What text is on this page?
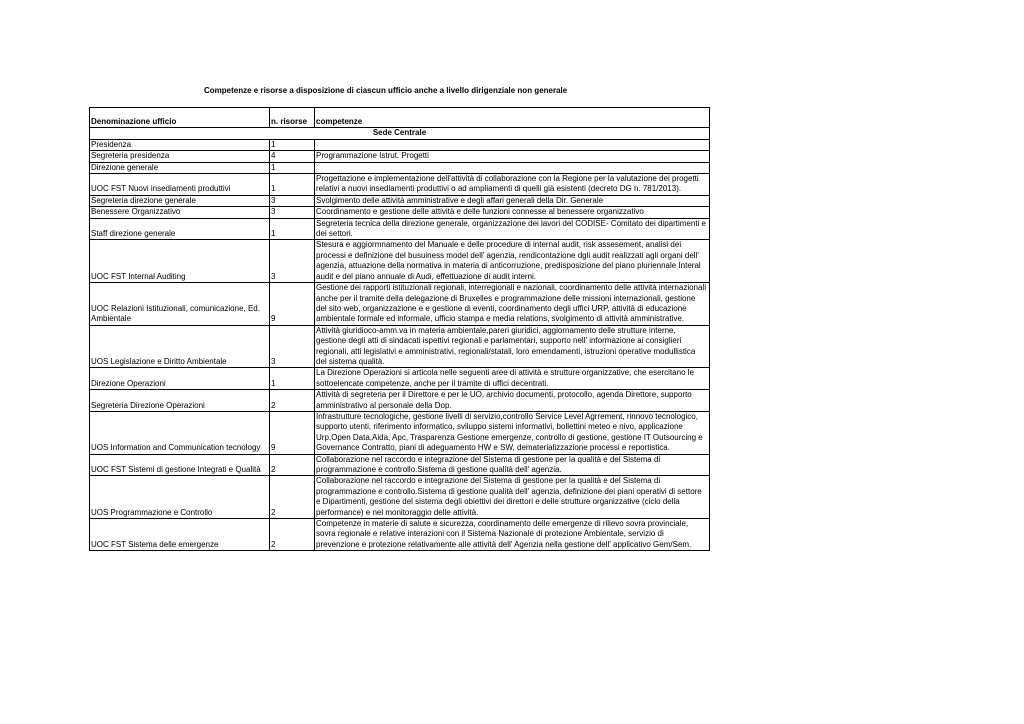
Competenze e risorse a disposizione di ciascun ufficio anche a livello dirigenziale non generale

Denominazione ufficio	n. risorse	competenze
Sede Centrale		
Presidenza	1	
Segreteria presidenza	4	Programmazione Istrut. Progetti
Direzione generale	1	
UOC FST Nuovi insediamenti produttivi	1	Progettazione e implementazione dell'attività di collaborazione con la Regione per la valutazione dei progetti relativi a nuovi insediamenti produttivi o ad ampliamenti di quelli già esistenti (decreto DG n. 781/2013).
Segreteria direzione generale	3	Svolgimento delle attività amministrative e degli affari generali della Dir. Generale
Benessere Organizzativo	3	Coordinamento e gestione delle attività e delle funzioni connesse al benessere organizzativo
Staff direzione generale	1	Segreteria tecnica della direzione generale, organizzazione dei lavori del CODISE- Comitato dei dipartimenti e dei settori.
UOC FST Internal Auditing	3	Stesura e aggiormnamento del Manuale e delle procedure di internal audit, risk assesement, analisi dei processi e definizione del busuiness model dell' agenzia, rendicontazione dgli audit realizzati agli organi dell' agenzia, attuazione della normativa in materia di anticorruzione, predisposizione del piano pluriennale Interal audit e del piano annuale di Audi, effettuazione di audit interni.
UOC Relazioni Istituzionali, comunicazione, Ed. Ambientale	9	Gestione dei rapporti istituzionali regionali, interregionali e nazionali, coordinamento delle attività internazionali anche per il tramite della delegazione di Bruxelles e programmazione delle missioni internazionali, gestione del sito web, organizzazione e e gestione di eventi, coordinamento degli uffici URP, attività di educazione ambientale formale ed informale, ufficio stampa e media relations, svolgimento di attività amministrative.
UOS Legislazione e Diritto Ambientale	3	Attività giuridioco-amm.va in materia ambientale,pareri giuridici, aggiornamento delle strutture interne, gestione degli atti di sindacati ispettivi regionali e parlamentari, supporto nell' informazione ai consiglieri regionali, atti legislativi e amministrativi, regionali/statali, loro emendamenti, istruzioni operative modullistica del sistema qualità.
Direzione Operazioni	1	La Direzione Operazioni si articola nelle seguenti aree di attività e strutture organizzative, che esercitano le sottoelencate competenze, anche per il tramite di uffici decentrati.
Segreteria Direzione Operazioni	2	Attività di segreteria per il Direttore e per le UO, archivio documenti, protocollo, agenda Direttore, supporto amministrativo al personale della Dop.
UOS Information and Communication tecnology	9	Infrastrutture tecnologiche, gestione livelli di servizio,controllo Service Level Agrrement, rinnovo tecnologico, supporto utenti, riferimento informatico, sviluppo sistemi informativi, bollettini meteo e nivo, applicazione Urp,Open Data,Aida, Apc, Trasparenza Gestione emergenze, controllo di gestione, gestione IT Outsourcing e Governance Contratto, piani di adeguamento HW e SW, dematerializzazione processi e reportistica.
UOC FST Sistemi di gestione Integrati e Qualità	2	Collaborazione nel raccordo e integrazione del Sistema di gestione per la qualità e del Sistema di programmazione e controllo.Sistema di gestione qualità dell' agenzia.
UOS Programmazione e Controllo	2	Collaborazione nel raccordo e integrazione del Sistema di gestione per la qualità e del Sistema di programmazione e controllo.Sistema di gestione qualità dell' agenzia, definizione dei piani operativi di settore e Dipartimenti, gestione del sistema degli obiettivi dei direttori e delle strutture organizzative (ciclo della performance) e nel monitoraggio delle attività.
UOC FST Sistema delle emergenze	2	Competenze in materie di salute e sicurezza, coordinamento delle emergenze di rilievo sovra provinciale, sovra regionale e relative interazioni con il Sistema Nazionale di protezione Ambientale, servizio di prevenzione e protezione relativamente alle attività dell' Agenzia nella gestione dell' applicativo Gem/Sem.
